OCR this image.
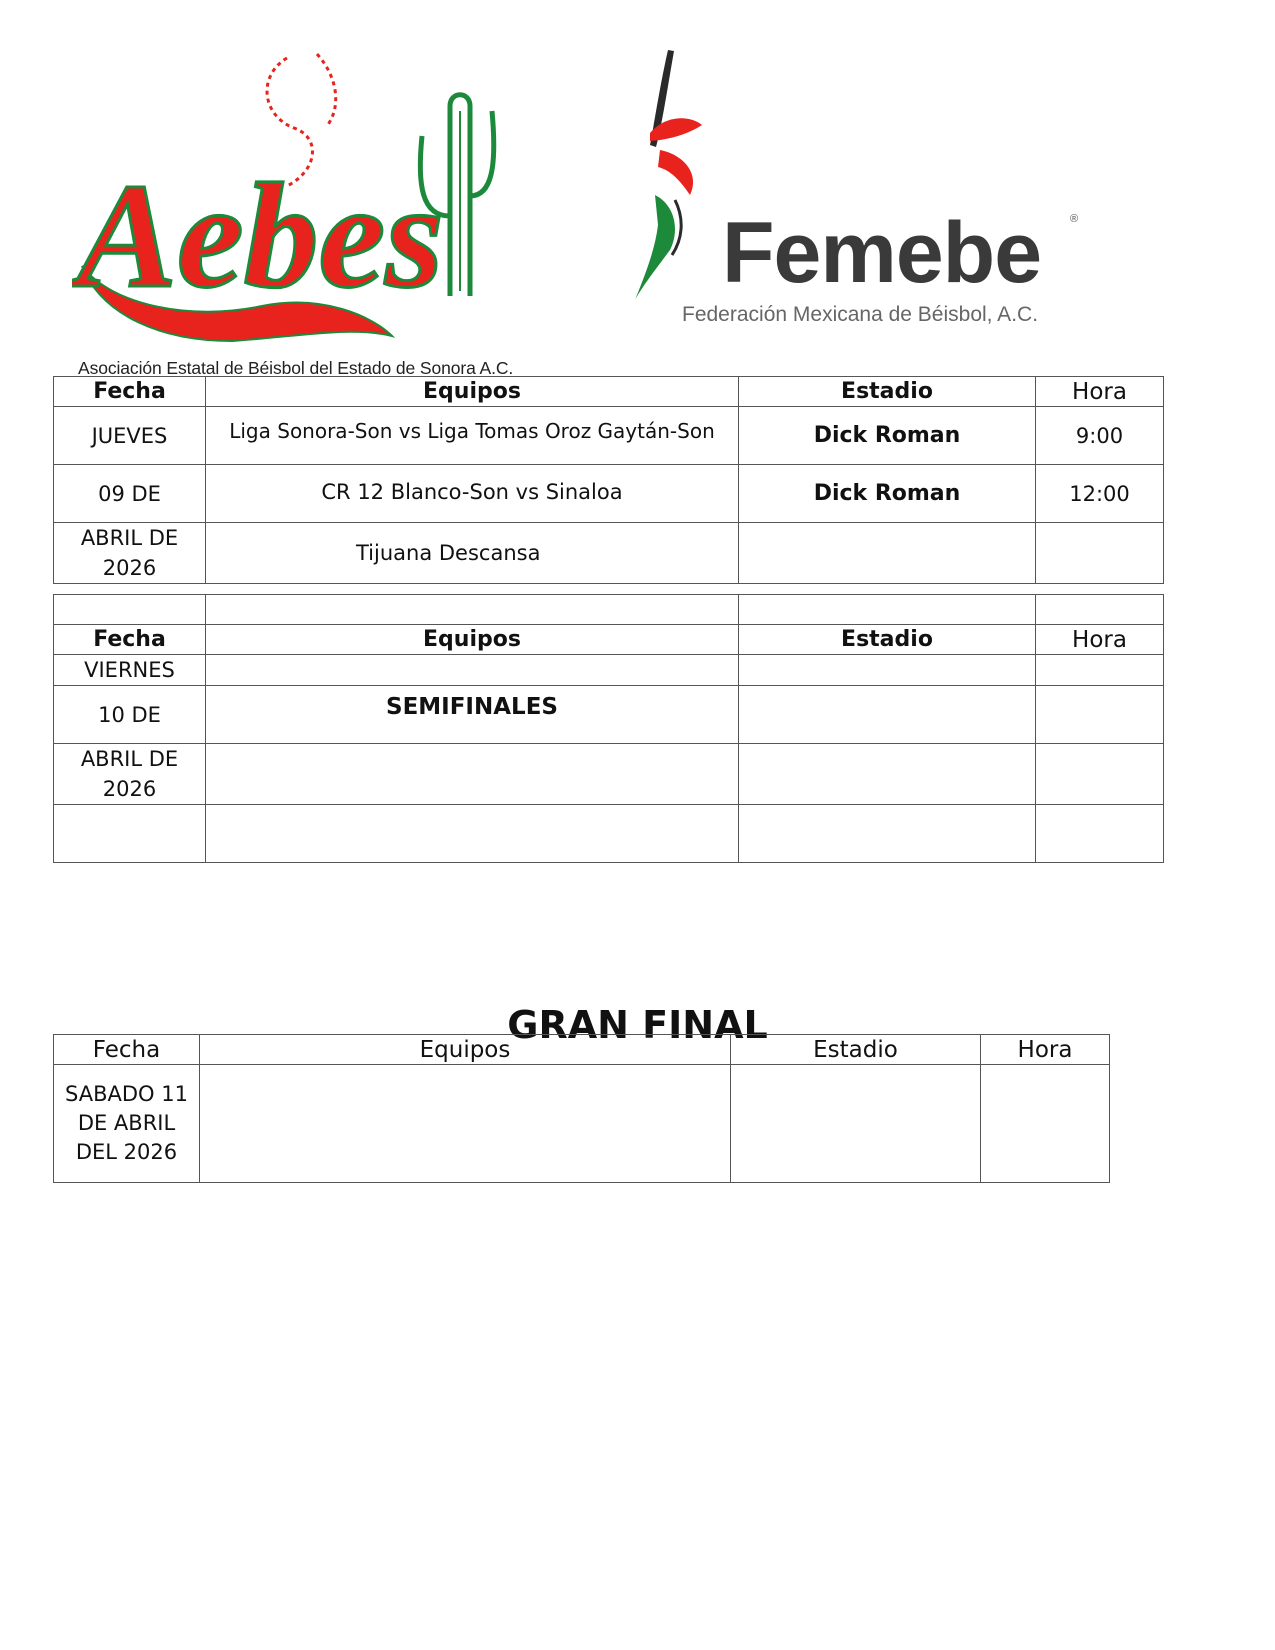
Aebes
Asociación Estatal de Béisbol del Estado de Sonora A.C.
Femebe	®
Federación Mexicana de Béisbol, A.C.
Fecha	Equipos	Estadio	Hora
JUEVES	Liga Sonora-Son vs Liga Tomas Oroz Gaytán-Son	Dick Roman	9:00
09 DE	CR 12 Blanco-Son vs Sinaloa	Dick Roman	12:00
ABRIL DE 2026	Tijuana Descansa		

Fecha	Equipos	Estadio	Hora
VIERNES			
10 DE	SEMIFINALES		
ABRIL DE 2026			

GRAN FINAL
Fecha	Equipos	Estadio	Hora
SABADO 11 DE ABRIL DEL 2026			
